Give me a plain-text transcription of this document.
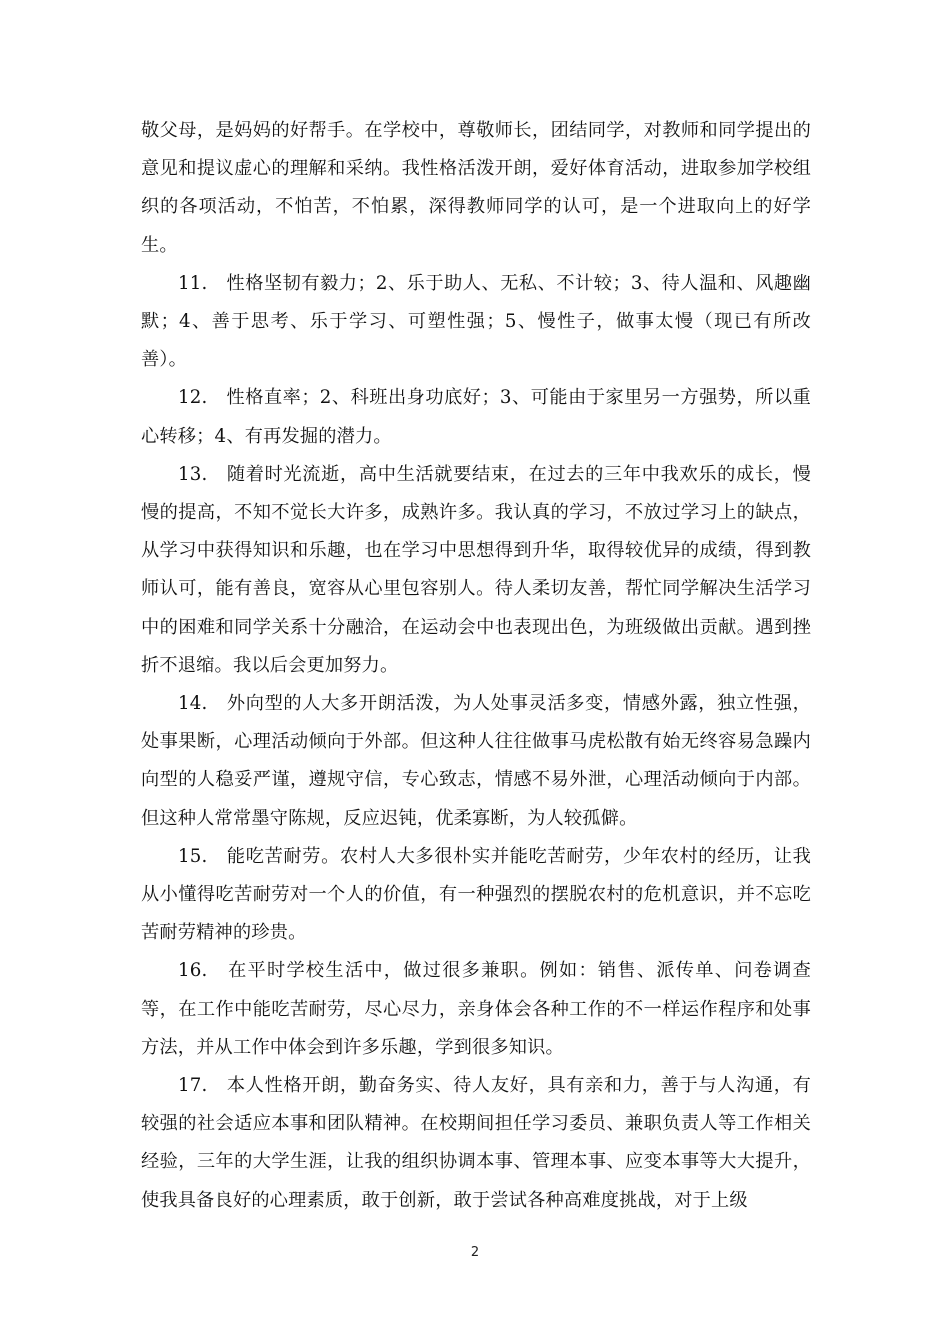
敬父母，是妈妈的好帮手。在学校中，尊敬师长，团结同学，对教师和同学提出的意见和提议虚心的理解和采纳。我性格活泼开朗，爱好体育活动，进取参加学校组织的各项活动，不怕苦，不怕累，深得教师同学的认可，是一个进取向上的好学生。

11.　性格坚韧有毅力；2、乐于助人、无私、不计较；3、待人温和、风趣幽默；4、善于思考、乐于学习、可塑性强；5、慢性子，做事太慢（现已有所改善）。

12.　性格直率；2、科班出身功底好；3、可能由于家里另一方强势，所以重心转移；4、有再发掘的潜力。

13.　随着时光流逝，高中生活就要结束，在过去的三年中我欢乐的成长，慢慢的提高，不知不觉长大许多，成熟许多。我认真的学习，不放过学习上的缺点，从学习中获得知识和乐趣，也在学习中思想得到升华，取得较优异的成绩，得到教师认可，能有善良，宽容从心里包容别人。待人柔切友善，帮忙同学解决生活学习中的困难和同学关系十分融洽，在运动会中也表现出色，为班级做出贡献。遇到挫折不退缩。我以后会更加努力。

14.　外向型的人大多开朗活泼，为人处事灵活多变，情感外露，独立性强，处事果断，心理活动倾向于外部。但这种人往往做事马虎松散有始无终容易急躁内向型的人稳妥严谨，遵规守信，专心致志，情感不易外泄，心理活动倾向于内部。但这种人常常墨守陈规，反应迟钝，优柔寡断，为人较孤僻。

15.　能吃苦耐劳。农村人大多很朴实并能吃苦耐劳，少年农村的经历，让我从小懂得吃苦耐劳对一个人的价值，有一种强烈的摆脱农村的危机意识，并不忘吃苦耐劳精神的珍贵。

16.　在平时学校生活中，做过很多兼职。例如：销售、派传单、问卷调查等，在工作中能吃苦耐劳，尽心尽力，亲身体会各种工作的不一样运作程序和处事方法，并从工作中体会到许多乐趣，学到很多知识。

17.　本人性格开朗，勤奋务实、待人友好，具有亲和力，善于与人沟通，有较强的社会适应本事和团队精神。在校期间担任学习委员、兼职负责人等工作相关经验，三年的大学生涯，让我的组织协调本事、管理本事、应变本事等大大提升，使我具备良好的心理素质，敢于创新，敢于尝试各种高难度挑战，对于上级

2
